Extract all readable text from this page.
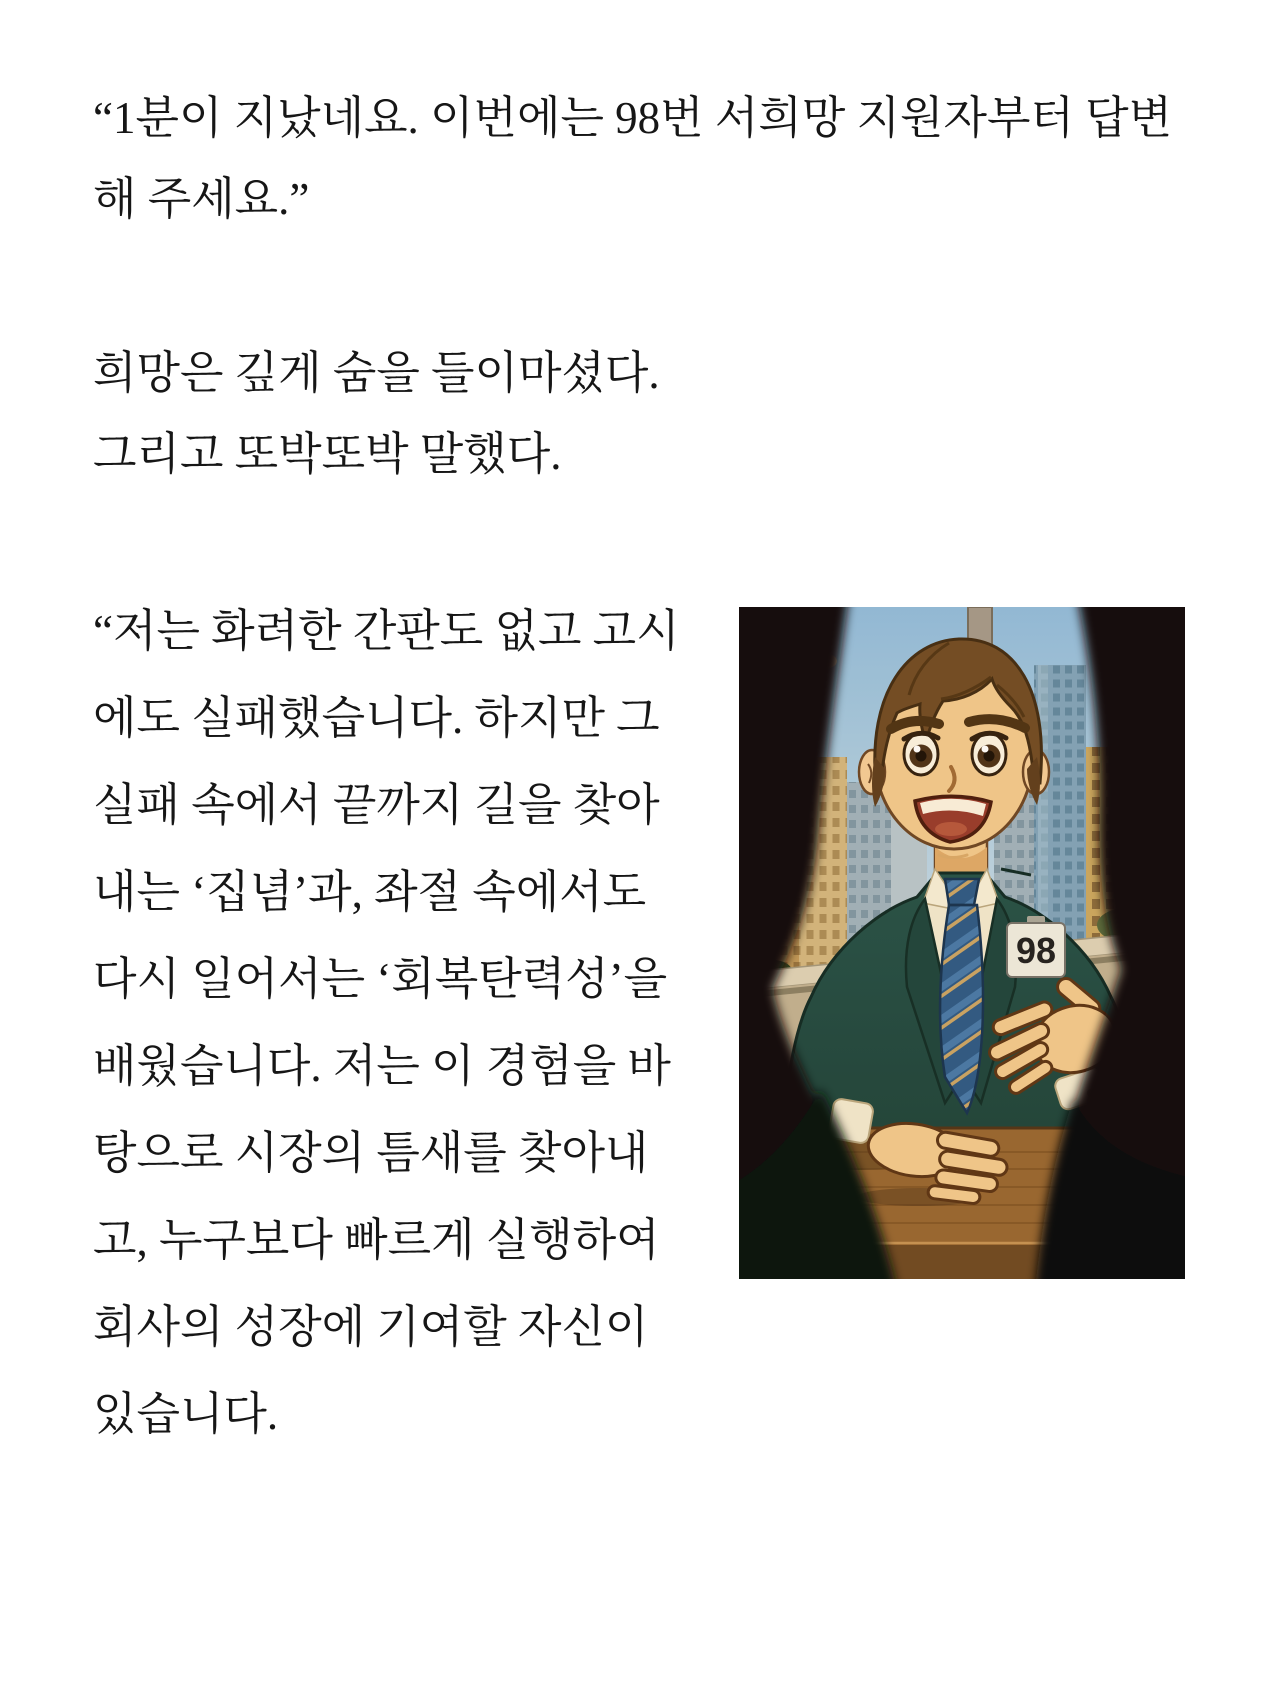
“1분이 지났네요. 이번에는 98번 서희망 지원자부터 답변해 주세요.”
희망은 깊게 숨을 들이마셨다.
그리고 또박또박 말했다.
98
“저는 화려한 간판도 없고 고시에도 실패했습니다. 하지만 그 실패 속에서 끝까지 길을 찾아내는 ‘집념’과, 좌절 속에서도 다시 일어서는 ‘회복탄력성’을 배웠습니다. 저는 이 경험을 바탕으로 시장의 틈새를 찾아내고, 누구보다 빠르게 실행하여 회사의 성장에 기여할 자신이 있습니다.
